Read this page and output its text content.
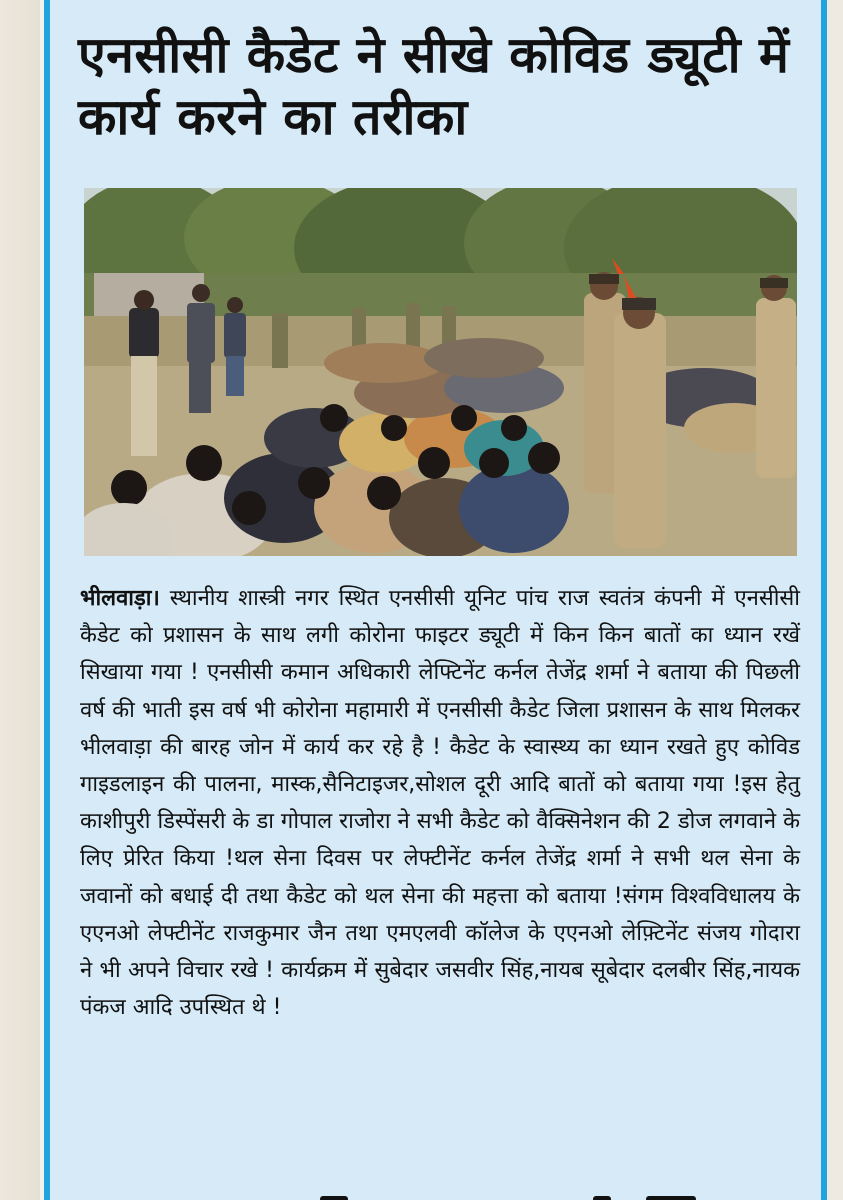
एनसीसी कैडेट ने सीखे कोविड ड्यूटी में कार्य करने का तरीका
भीलवाड़ा। स्थानीय शास्त्री नगर स्थित एनसीसी यूनिट पांच राज स्वतंत्र कंपनी में एनसीसी कैडेट को प्रशासन के साथ लगी कोरोना फाइटर ड्यूटी में किन किन बातों का ध्यान रखें सिखाया गया ! एनसीसी कमान अधिकारी लेफ्टिनेंट कर्नल तेजेंद्र शर्मा ने बताया की पिछली वर्ष की भाती इस वर्ष भी कोरोना महामारी में एनसीसी कैडेट जिला प्रशासन के साथ मिलकर भीलवाड़ा की बारह जोन में कार्य कर रहे है ! कैडेट के स्वास्थ्य का ध्यान रखते हुए कोविड गाइडलाइन की पालना, मास्क,सैनिटाइजर,सोशल दूरी आदि बातों को बताया गया !इस हेतु काशीपुरी डिस्पेंसरी के डा गोपाल राजोरा ने सभी कैडेट को वैक्सिनेशन की 2 डोज लगवाने के लिए प्रेरित किया !थल सेना दिवस पर लेफ्टीनेंट कर्नल तेजेंद्र शर्मा ने सभी थल सेना के जवानों को बधाई दी तथा कैडेट को थल सेना की महत्ता को बताया !संगम विश्वविधालय के एएनओ लेफ्टीनेंट राजकुमार जैन तथा एमएलवी कॉलेज के एएनओ लेफ़्टिनेंट संजय गोदारा ने भी अपने विचार रखे ! कार्यक्रम में सुबेदार जसवीर सिंह,नायब सूबेदार दलबीर सिंह,नायक पंकज आदि उपस्थित थे !
